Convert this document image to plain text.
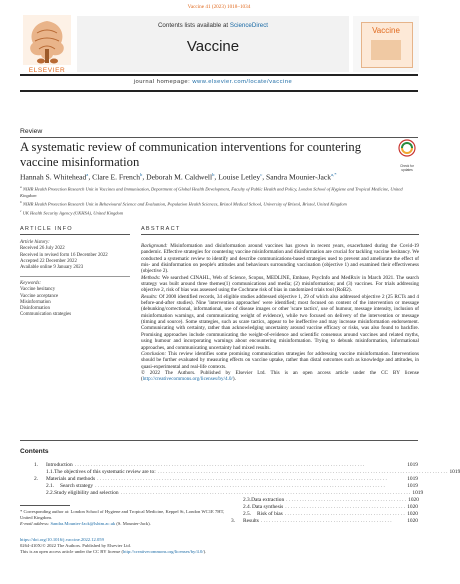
Vaccine 41 (2023) 1018–1034
ELSEVIER
Contents lists available at ScienceDirect
Vaccine
Vaccine
journal homepage: www.elsevier.com/locate/vaccine
Review
A systematic review of communication interventions for countering vaccine misinformation	Check for updates
Hannah S. Whitehead$^a$, Clare E. French$^b$, Deborah M. Caldwell$^b$, Louise Letley$^c$, Sandra Mounier-Jack$^{a,*}$
$^a$ NIHR Health Protection Research Unit in Vaccines and Immunisation, Department of Global Health Development, Faculty of Public Health and Policy, London School of Hygiene and Tropical Medicine, United Kingdom
$^b$ NIHR Health Protection Research Unit in Behavioural Science and Evaluation, Population Health Sciences, Bristol Medical School, University of Bristol, Bristol, United Kingdom
$^c$ UK Health Security Agency (UKHSA), United Kingdom
ARTICLE INFO	ABSTRACT
Article history:
Received 26 July 2022
Received in revised form 16 December 2022
Accepted 22 December 2022
Available online 9 January 2023
Keywords:
Vaccine hesitancy
Vaccine acceptance
Misinformation
Disinformation
Communication strategies

Background: Misinformation and disinformation around vaccines has grown in recent years, exacerbated during the Covid-19 pandemic. Effective strategies for countering vaccine misinformation and disinformation are crucial for tackling vaccine hesitancy. We conducted a systematic review to identify and describe communications-based strategies used to prevent and ameliorate the effect of mis- and disinformation on people's attitudes and behaviours surrounding vaccination (objective 1) and examined their effectiveness (objective 2).

Methods: We searched CINAHL, Web of Science, Scopus, MEDLINE, Embase, PsycInfo and MedRxiv in March 2021. The search strategy was built around three themes(1) communications and media; (2) misinformation; and (3) vaccines. For trials addressing objective 2, risk of bias was assessed using the Cochrane risk of bias in randomized trials tool (RoB2).

Results: Of 2000 identified records, 34 eligible studies addressed objective 1, 29 of which also addressed objective 2 (25 RCTs and 4 before-and-after studies). Nine 'intervention approaches' were identified; most focused on content of the intervention or message (debunking/correctional, informational, use of disease images or other 'scare tactics', use of humour, message intensity, inclusion of misinformation warnings, and communicating weight of evidence), while two focused on delivery of the intervention or message (timing and source). Some strategies, such as scare tactics, appear to be ineffective and may increase misinformation endorsement. Communicating with certainty, rather than acknowledging uncertainty around vaccine efficacy or risks, was also found to backfire. Promising approaches include communicating the weight-of-evidence and scientific consensus around vaccines and related myths, using humour and incorporating warnings about encountering misinformation. Trying to debunk misinformation, informational approaches, and communicating uncertainty had mixed results.

Conclusion: This review identifies some promising communication strategies for addressing vaccine misinformation. Interventions should be further evaluated by measuring effects on vaccine uptake, rather than distal outcomes such as knowledge and attitudes, in quasi-experimental and real-life contexts.

© 2022 The Authors. Published by Elsevier Ltd. This is an open access article under the CC BY license (http://creativecommons.org/licenses/by/4.0/).

Contents
1.	Introduction . . . . . . . . . . . . . . . . . . . . . . . . . . . . . . . . . . . . . . . . . . . . . . . . . . . . . . . . . . . . . . . . . . . . . . . . . . . . . . . . . . . . . . . . . . . . . . . . . . . . . . . . . . . .	1019
1.1. The objectives of this systematic review are to: . . . . . . . . . . . . . . . . . . . . . . . . . . . . . . . . . . . . . . . . . . . . . . . . . . . . . . . . . . . . . . . . . . . . . . . . . . . . . . . . . . . . . . . . . . . . . . . . . . . . . . . . . . . . 1019
2.	Materials and methods . . . . . . . . . . . . . . . . . . . . . . . . . . . . . . . . . . . . . . . . . . . . . . . . . . . . . . . . . . . . . . . . . . . . . . . . . . . . . . . . . . . . . . . . . . . . . . . . . . . . . . . . . . . .	1019
2.1.	Search strategy . . . . . . . . . . . . . . . . . . . . . . . . . . . . . . . . . . . . . . . . . . . . . . . . . . . . . . . . . . . . . . . . . . . . . . . . . . . . . . . . . . . . . . . . . . . . . . . . . . . . . . . . . . . .	1019
2.2. Study eligibility and selection . . . . . . . . . . . . . . . . . . . . . . . . . . . . . . . . . . . . . . . . . . . . . . . . . . . . . . . . . . . . . . . . . . . . . . . . . . . . . . . . . . . . . . . . . . . . . . . . . . . . . . . . . . . . 1019
2.3. Data extraction . . . . . . . . . . . . . . . . . . . . . . . . . . . . . . . . . . . . . . . . . . . . . 1020
2.4. Data synthesis . . . . . . . . . . . . . . . . . . . . . . . . . . . . . . . . . . . . . . . . . . . . . 1020
2.5.	Risk of bias . . . . . . . . . . . . . . . . . . . . . . . . . . . . . . . . . . . . . . . . . . . . . 1020
3.	Results . . . . . . . . . . . . . . . . . . . . . . . . . . . . . . . . . . . . . . . . . . . . . . . . .	1020
* Corresponding author at: London School of Hygiene and Tropical Medicine, Keppel St, London WC1E 7HT, United Kingdom.
E-mail address: Sandra.Mounier-Jack@lshtm.ac.uk (S. Mounier-Jack).
https://doi.org/10.1016/j.vaccine.2022.12.059
0264-410X/© 2022 The Authors. Published by Elsevier Ltd.
This is an open access article under the CC BY license (http://creativecommons.org/licenses/by/4.0/).
